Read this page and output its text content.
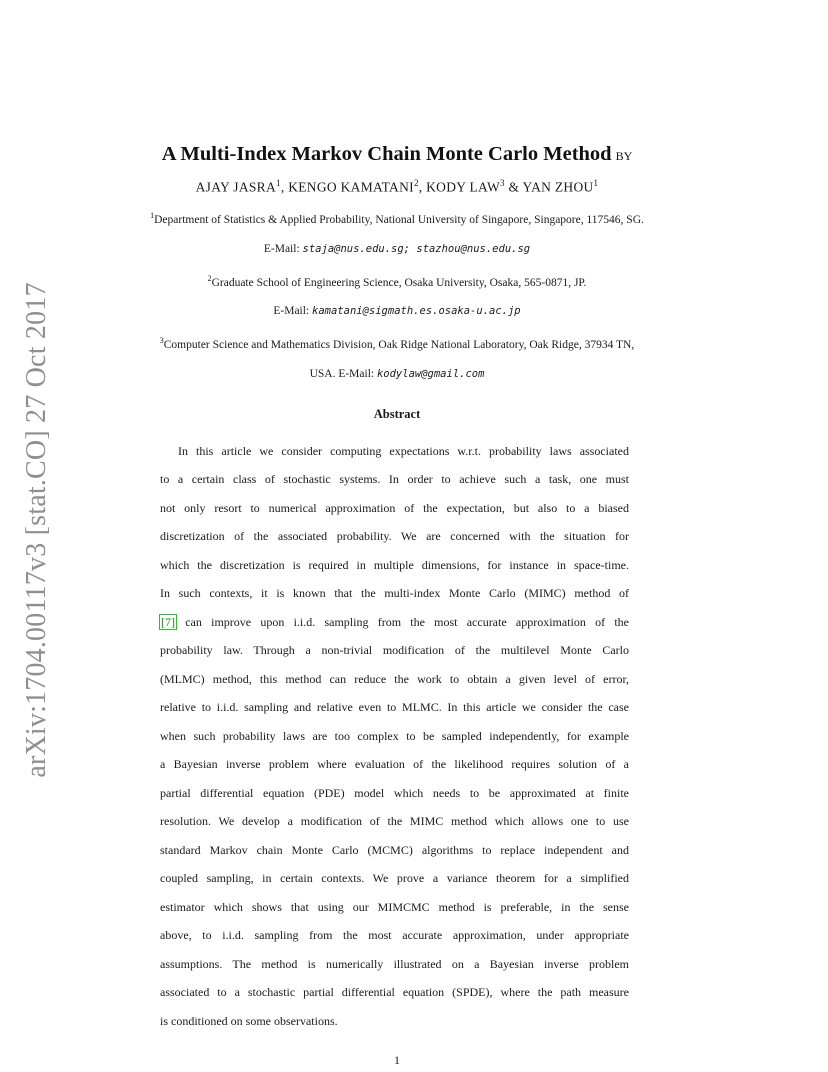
arXiv:1704.00117v3 [stat.CO] 27 Oct 2017
A Multi-Index Markov Chain Monte Carlo Method by
AJAY JASRA$^1$, KENGO KAMATANI$^2$, KODY LAW$^3$ & YAN ZHOU$^1$
$^1$Department of Statistics & Applied Probability, National University of Singapore, Singapore, 117546, SG.
E-Mail: staja@nus.edu.sg; stazhou@nus.edu.sg
$^2$Graduate School of Engineering Science, Osaka University, Osaka, 565-0871, JP.
E-Mail: kamatani@sigmath.es.osaka-u.ac.jp
$^3$Computer Science and Mathematics Division, Oak Ridge National Laboratory, Oak Ridge, 37934 TN,
USA. E-Mail: kodylaw@gmail.com
Abstract
In this article we consider computing expectations w.r.t. probability laws associated
to a certain class of stochastic systems. In order to achieve such a task, one must
not only resort to numerical approximation of the expectation, but also to a biased
discretization of the associated probability. We are concerned with the situation for
which the discretization is required in multiple dimensions, for instance in space-time.
In such contexts, it is known that the multi-index Monte Carlo (MIMC) method of
[7] can improve upon i.i.d. sampling from the most accurate approximation of the
probability law. Through a non-trivial modification of the multilevel Monte Carlo
(MLMC) method, this method can reduce the work to obtain a given level of error,
relative to i.i.d. sampling and relative even to MLMC. In this article we consider the case
when such probability laws are too complex to be sampled independently, for example
a Bayesian inverse problem where evaluation of the likelihood requires solution of a
partial differential equation (PDE) model which needs to be approximated at finite
resolution. We develop a modification of the MIMC method which allows one to use
standard Markov chain Monte Carlo (MCMC) algorithms to replace independent and
coupled sampling, in certain contexts. We prove a variance theorem for a simplified
estimator which shows that using our MIMCMC method is preferable, in the sense
above, to i.i.d. sampling from the most accurate approximation, under appropriate
assumptions. The method is numerically illustrated on a Bayesian inverse problem
associated to a stochastic partial differential equation (SPDE), where the path measure
is conditioned on some observations.
1
